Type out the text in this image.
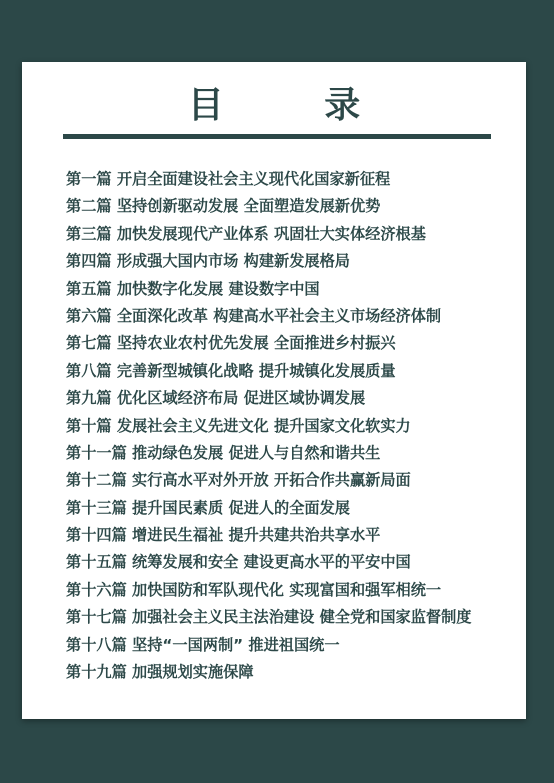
目 录
第一篇 开启全面建设社会主义现代化国家新征程
第二篇 坚持创新驱动发展 全面塑造发展新优势
第三篇 加快发展现代产业体系 巩固壮大实体经济根基
第四篇 形成强大国内市场 构建新发展格局
第五篇 加快数字化发展 建设数字中国
第六篇 全面深化改革 构建高水平社会主义市场经济体制
第七篇 坚持农业农村优先发展 全面推进乡村振兴
第八篇 完善新型城镇化战略 提升城镇化发展质量
第九篇 优化区域经济布局 促进区域协调发展
第十篇 发展社会主义先进文化 提升国家文化软实力
第十一篇 推动绿色发展 促进人与自然和谐共生
第十二篇 实行高水平对外开放 开拓合作共赢新局面
第十三篇 提升国民素质 促进人的全面发展
第十四篇 增进民生福祉 提升共建共治共享水平
第十五篇 统筹发展和安全 建设更高水平的平安中国
第十六篇 加快国防和军队现代化 实现富国和强军相统一
第十七篇 加强社会主义民主法治建设 健全党和国家监督制度
第十八篇 坚持“一国两制” 推进祖国统一
第十九篇 加强规划实施保障
